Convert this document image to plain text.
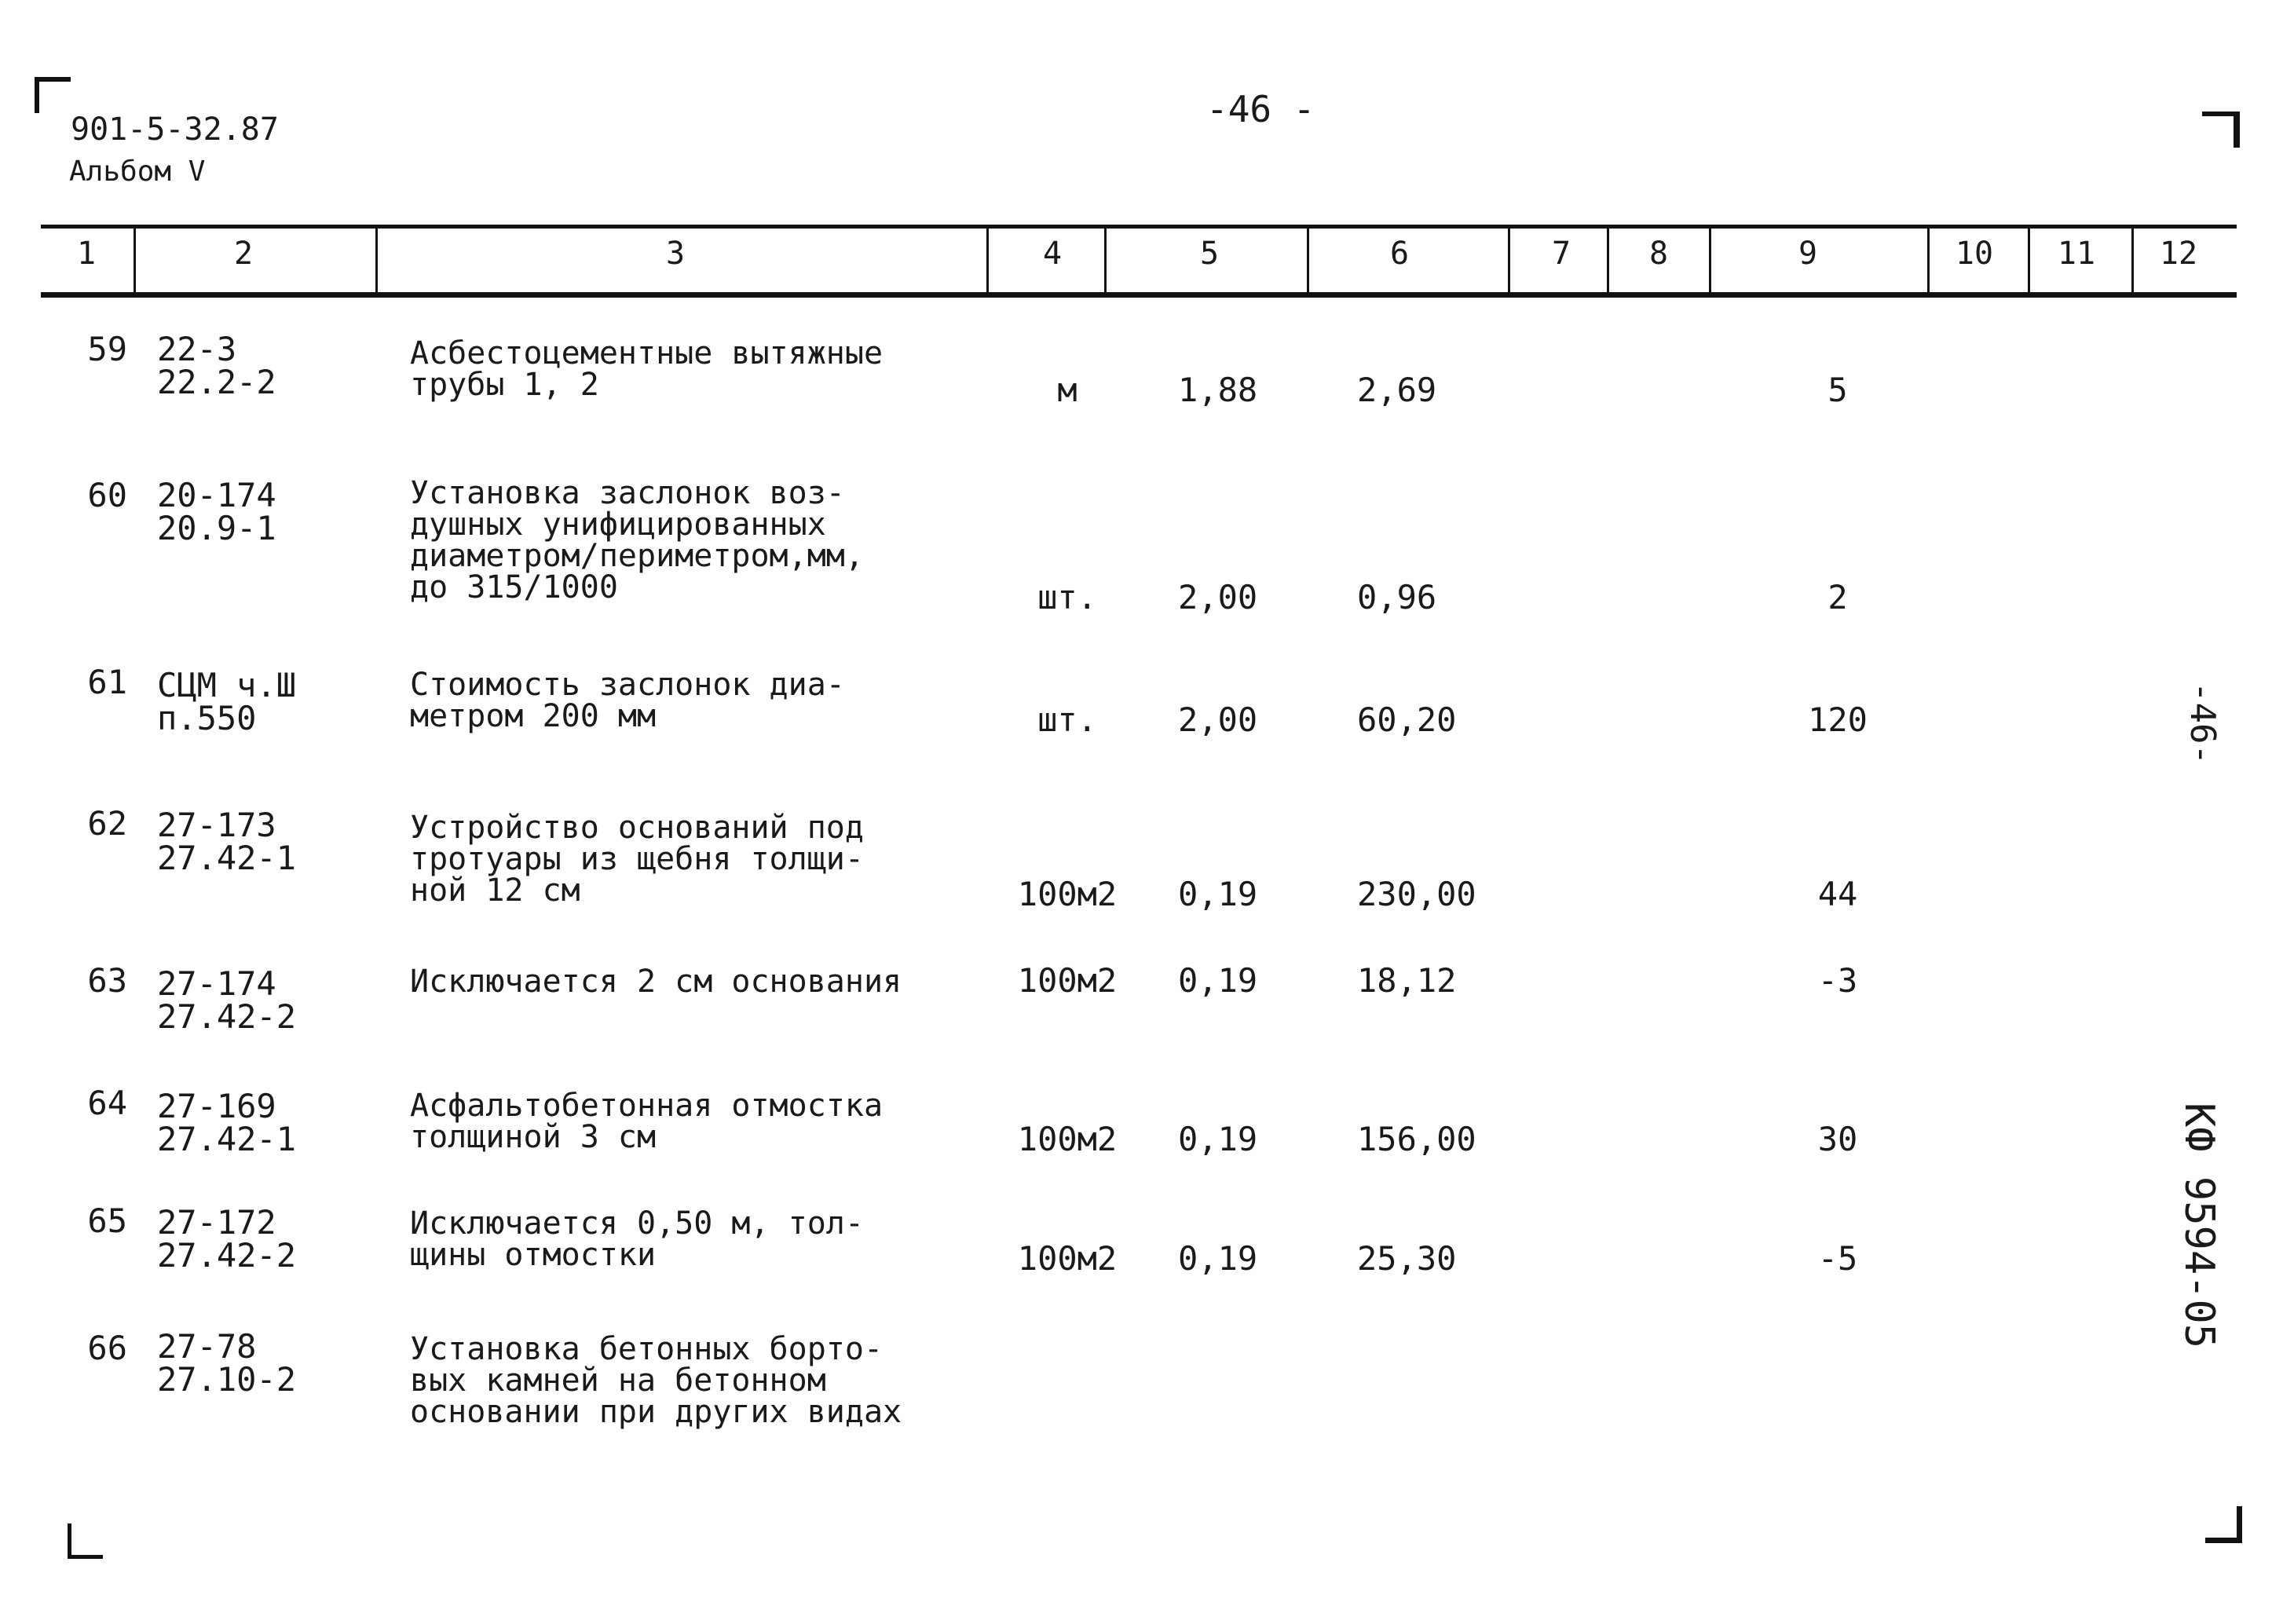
901-5-32.87
Альбом V
-46 -
1	2	3	4	5	6	7	8	9	10	11	12
59 22-3
22.2-2
Асбестоцементные вытяжные
трубы 1, 2	м	1,88	2,69	5
60 20-174
20.9-1
Установка заслонок воз-
душных унифицированных
диаметром/периметром,мм,
до 315/1000	шт.	2,00	0,96	2
61 СЦМ ч.Ш
п.550
Стоимость заслонок диа-
метром 200 мм	шт.	2,00	60,20	120
62 27-173
27.42-1
Устройство оснований под
тротуары из щебня толщи-
ной 12 см	100м2 0,19	230,00	44
63 27-174
27.42-2
Исключается 2 см основания	100м2 0,19	18,12	-3
64 27-169
27.42-1
Асфальтобетонная отмостка
толщиной 3 см	100м2 0,19	156,00	30
65 27-172
27.42-2
Исключается 0,50 м, тол-
щины отмостки	100м2 0,19	25,30	-5
66 27-78
27.10-2
Установка бетонных борто-
вых камней на бетонном
основании при других видах
-46-
КФ 9594-05
